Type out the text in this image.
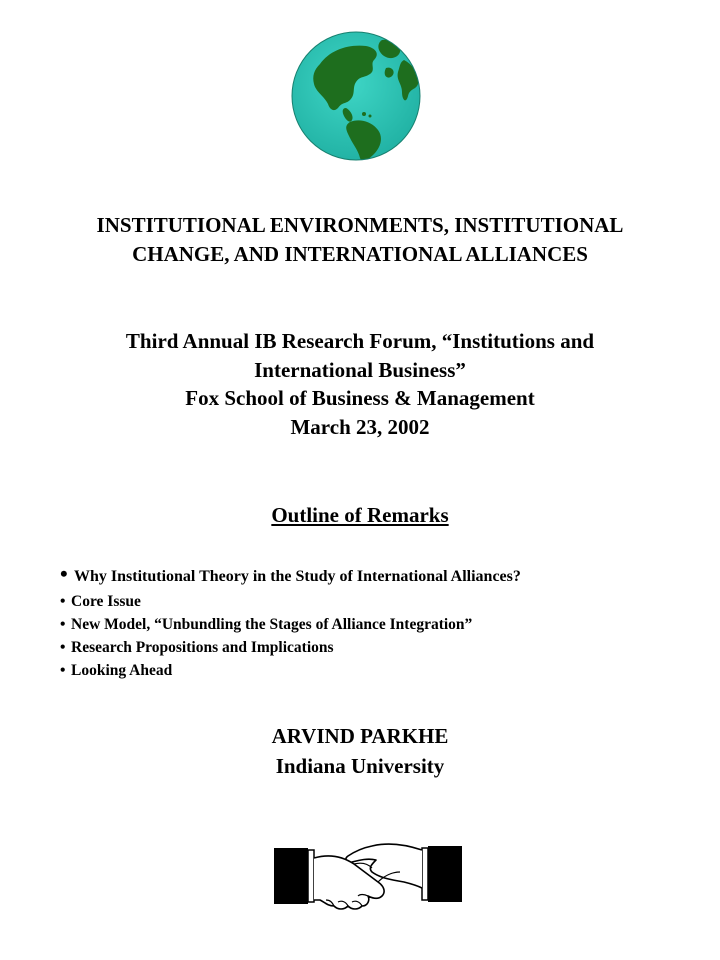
INSTITUTIONAL ENVIRONMENTS, INSTITUTIONAL
CHANGE, AND INTERNATIONAL ALLIANCES
Third Annual IB Research Forum, “Institutions and
International Business”
Fox School of Business & Management
March 23, 2002
Outline of Remarks
• Why Institutional Theory in the Study of International Alliances?
• Core Issue
• New Model, “Unbundling the Stages of Alliance Integration”
• Research Propositions and Implications
• Looking Ahead
ARVIND PARKHE
Indiana University
